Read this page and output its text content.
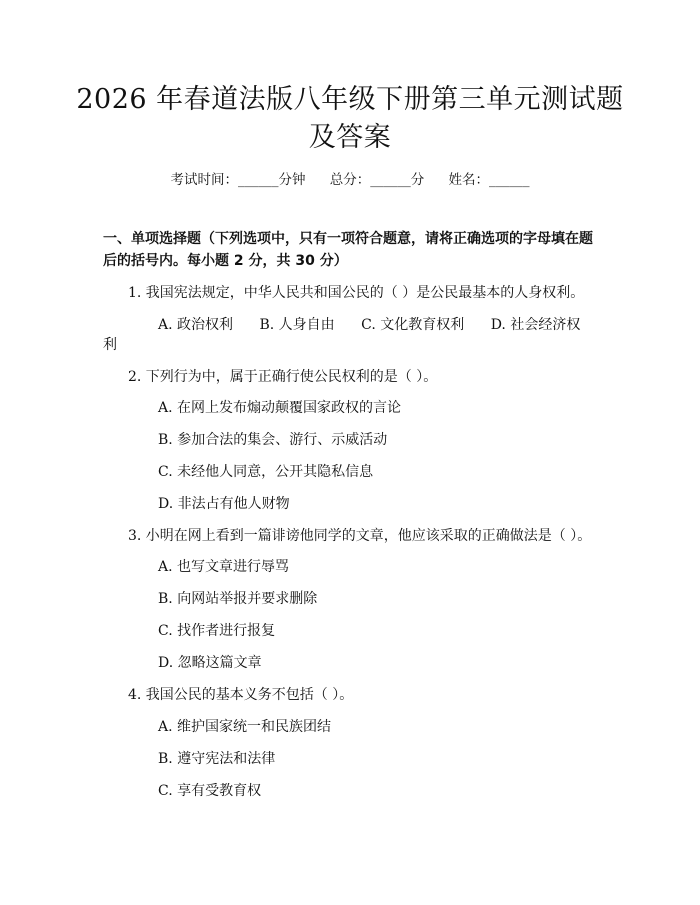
2026 年春道法版八年级下册第三单元测试题
及答案
考试时间：______分钟 总分：______分 姓名：______
一、单项选择题（下列选项中，只有一项符合题意，请将正确选项的字母填在题后的括号内。每小题 2 分，共 30 分）
1. 我国宪法规定，中华人民共和国公民的（ ）是公民最基本的人身权利。
A. 政治权利 B. 人身自由 C. 文化教育权利 D. 社会经济权
利
2. 下列行为中，属于正确行使公民权利的是（ ）。
A. 在网上发布煽动颠覆国家政权的言论
B. 参加合法的集会、游行、示威活动
C. 未经他人同意，公开其隐私信息
D. 非法占有他人财物
3. 小明在网上看到一篇诽谤他同学的文章，他应该采取的正确做法是（ ）。
A. 也写文章进行辱骂
B. 向网站举报并要求删除
C. 找作者进行报复
D. 忽略这篇文章
4. 我国公民的基本义务不包括（ ）。
A. 维护国家统一和民族团结
B. 遵守宪法和法律
C. 享有受教育权
